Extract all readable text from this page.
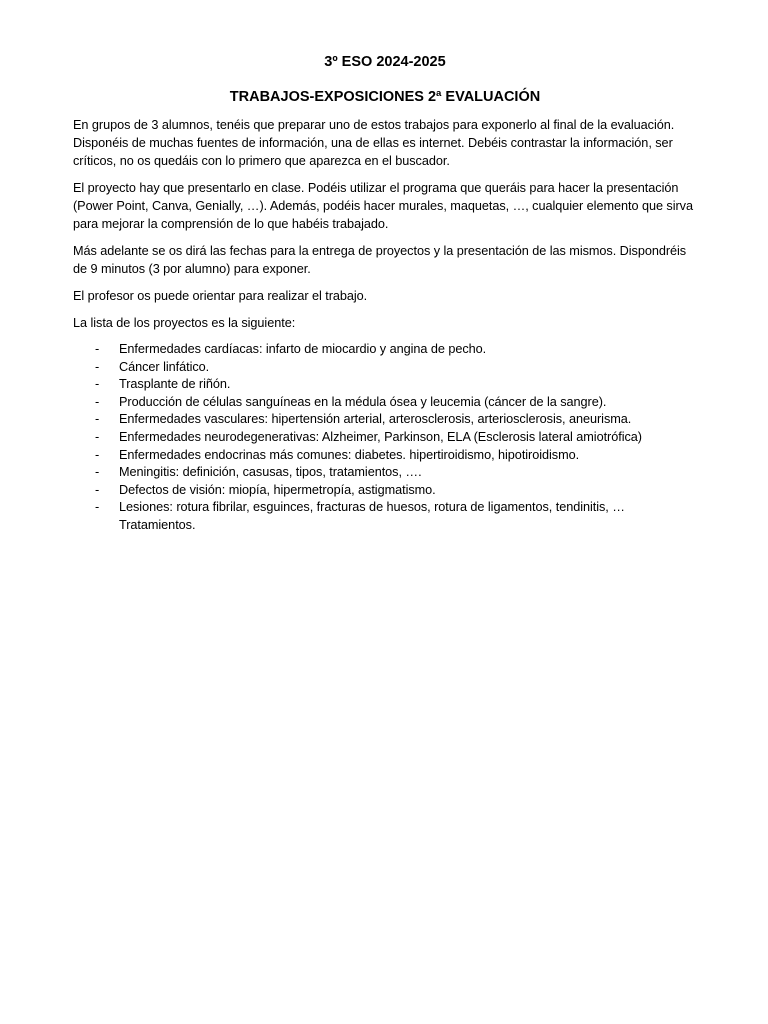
3º ESO 2024-2025
TRABAJOS-EXPOSICIONES 2ª EVALUACIÓN

En grupos de 3 alumnos, tenéis que preparar uno de estos trabajos para exponerlo al final de la evaluación. Disponéis de muchas fuentes de información, una de ellas es internet. Debéis contrastar la información, ser críticos, no os quedáis con lo primero que aparezca en el buscador.

El proyecto hay que presentarlo en clase. Podéis utilizar el programa que queráis para hacer la presentación (Power Point, Canva, Genially, …). Además, podéis hacer murales, maquetas, …, cualquier elemento que sirva para mejorar la comprensión de lo que habéis trabajado.

Más adelante se os dirá las fechas para la entrega de proyectos y la presentación de las mismos. Dispondréis de 9 minutos (3 por alumno) para exponer.

El profesor os puede orientar para realizar el trabajo.

La lista de los proyectos es la siguiente:

- Enfermedades cardíacas: infarto de miocardio y angina de pecho.
- Cáncer linfático.
- Trasplante de riñón.
- Producción de células sanguíneas en la médula ósea y leucemia (cáncer de la sangre).
- Enfermedades vasculares: hipertensión arterial, arterosclerosis, arteriosclerosis, aneurisma.
- Enfermedades neurodegenerativas: Alzheimer, Parkinson, ELA (Esclerosis lateral amiotrófica)
- Enfermedades endocrinas más comunes: diabetes. hipertiroidismo, hipotiroidismo.
- Meningitis: definición, casusas, tipos, tratamientos, ….
- Defectos de visión: miopía, hipermetropía, astigmatismo.
- Lesiones: rotura fibrilar, esguinces, fracturas de huesos, rotura de ligamentos, tendinitis, … Tratamientos.
